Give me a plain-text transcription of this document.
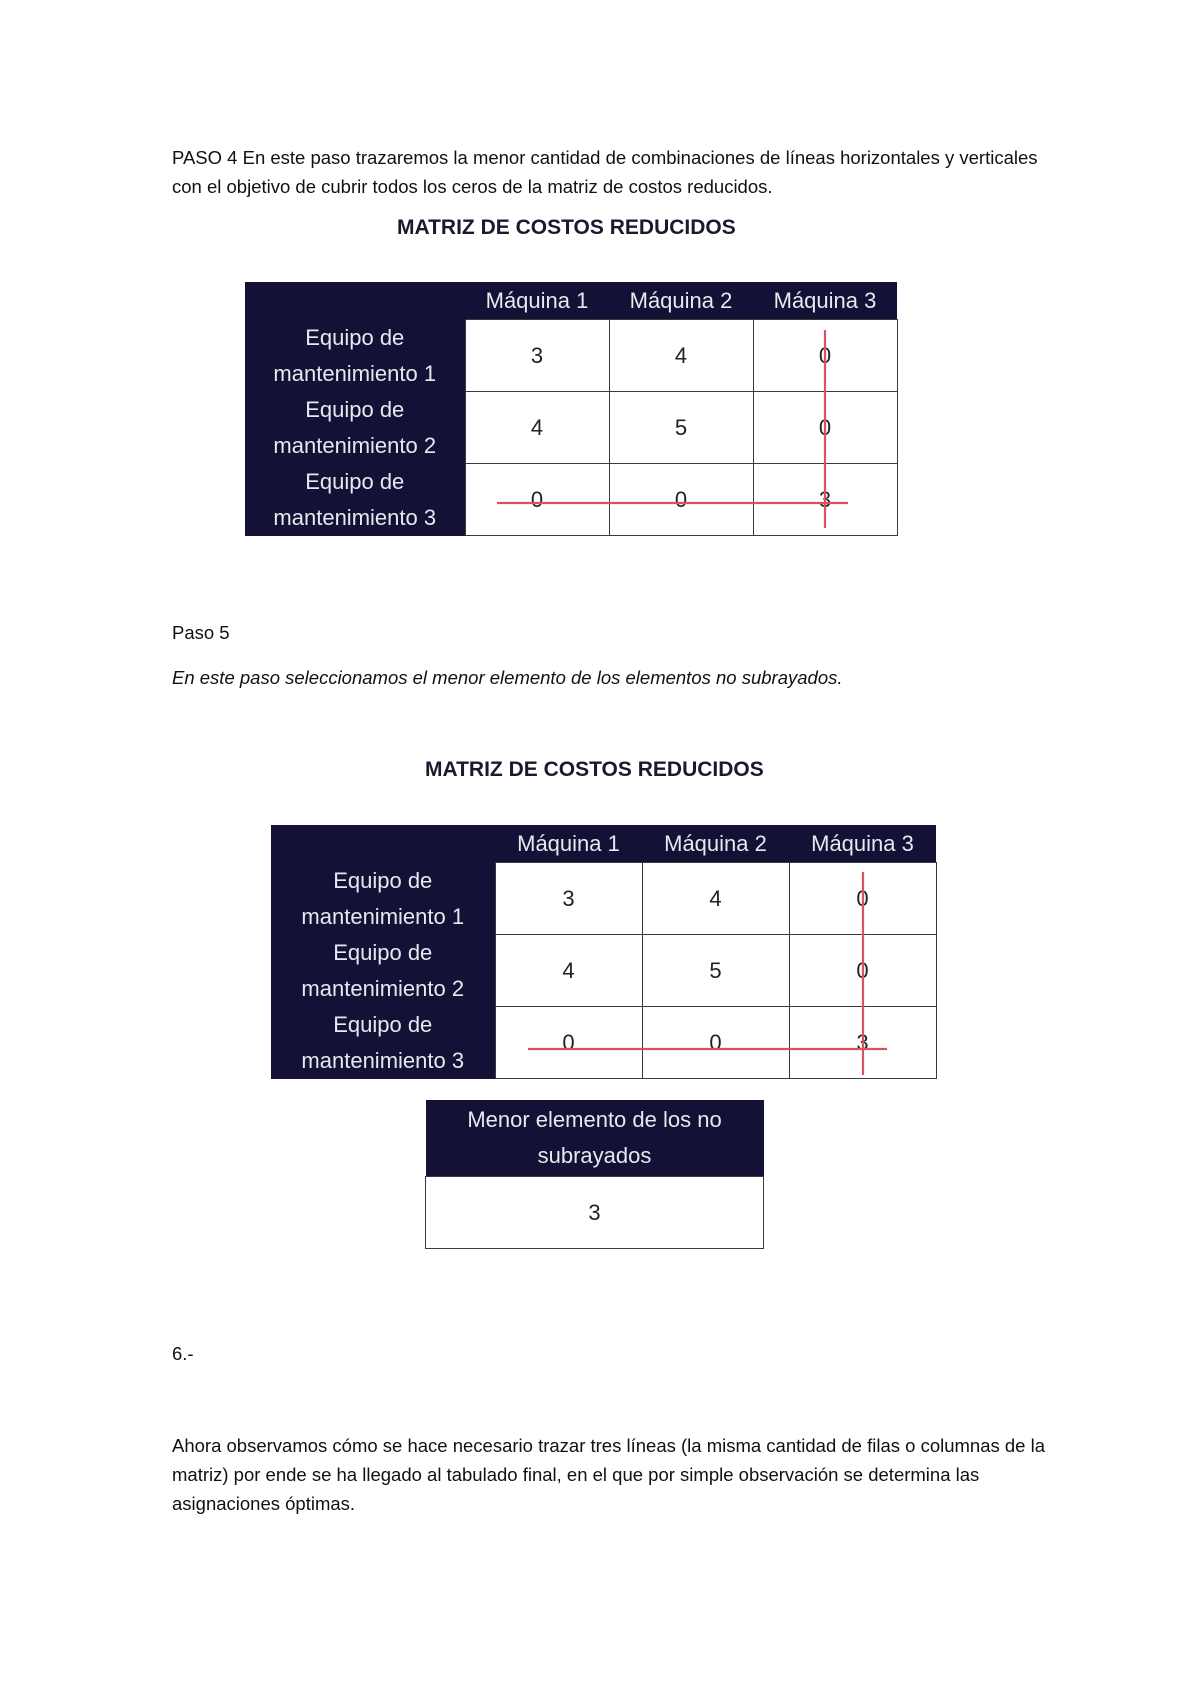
PASO 4 En este paso trazaremos la menor cantidad de combinaciones de líneas horizontales y verticales con el objetivo de cubrir todos los ceros de la matriz de costos reducidos.

MATRIZ DE COSTOS REDUCIDOS
	Máquina 1	Máquina 2	Máquina 3
Equipo de
mantenimiento 1	3	4	0
Equipo de
mantenimiento 2	4	5	0
Equipo de
mantenimiento 3	0	0	3

Paso 5

En este paso seleccionamos el menor elemento de los elementos no subrayados.

MATRIZ DE COSTOS REDUCIDOS
	Máquina 1	Máquina 2	Máquina 3
Equipo de
mantenimiento 1	3	4	0
Equipo de
mantenimiento 2	4	5	0
Equipo de
mantenimiento 3	0	0	3
Menor elemento de los no
subrayados
3

6.-

Ahora observamos cómo se hace necesario trazar tres líneas (la misma cantidad de filas o columnas de la matriz) por ende se ha llegado al tabulado final, en el que por simple observación se determina las asignaciones óptimas.
